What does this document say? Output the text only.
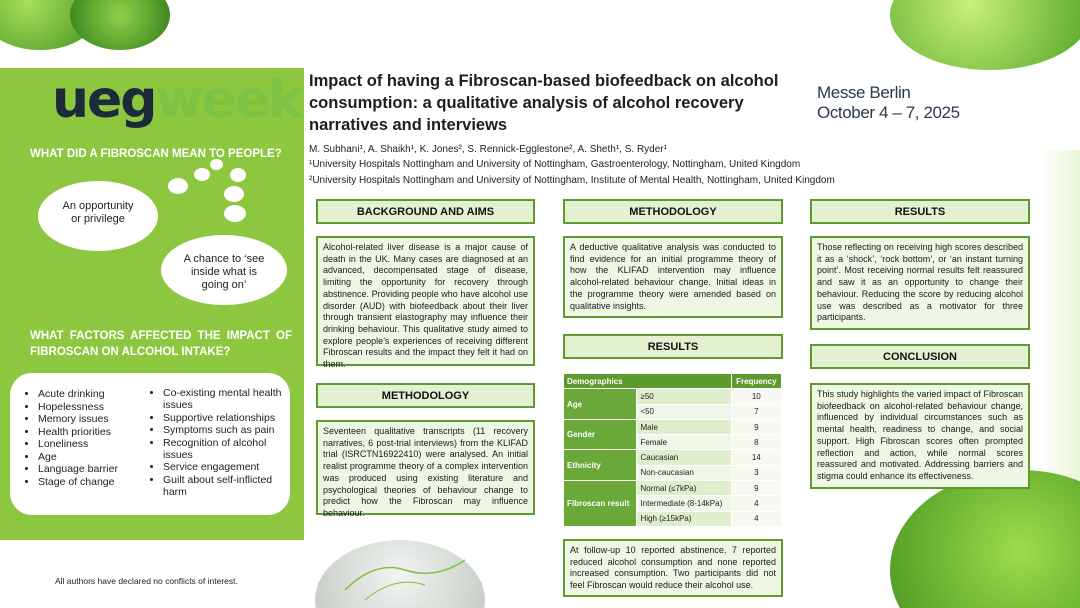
uegweek
WHAT DID A FIBROSCAN MEAN TO PEOPLE?
An opportunity or privilege
A chance to ‘see inside what is going on’
WHAT FACTORS AFFECTED THE IMPACT OF FIBROSCAN ON ALCOHOL INTAKE?
• Acute drinking
• Hopelessness
• Memory issues
• Health priorities
• Loneliness
• Age
• Language barrier
• Stage of change
• Co-existing mental health issues
• Supportive relationships
• Symptoms such as pain
• Recognition of alcohol issues
• Service engagement
• Guilt about self-inflicted harm
All authors have declared no conflicts of interest.
Impact of having a Fibroscan-based biofeedback on alcohol consumption: a qualitative analysis of alcohol recovery narratives and interviews
M. Subhani¹, A. Shaikh¹, K. Jones², S. Rennick-Egglestone², A. Sheth¹, S. Ryder¹
¹University Hospitals Nottingham and University of Nottingham, Gastroenterology, Nottingham, United Kingdom
²University Hospitals Nottingham and University of Nottingham, Institute of Mental Health, Nottingham, United Kingdom
Messe Berlin
October 4 – 7, 2025
BACKGROUND AND AIMS
Alcohol-related liver disease is a major cause of death in the UK. Many cases are diagnosed at an advanced, decompensated stage of disease, limiting the opportunity for recovery through abstinence. Providing people who have alcohol use disorder (AUD) with biofeedback about their liver through transient elastography may influence their drinking behaviour. This qualitative study aimed to explore people’s experiences of receiving different Fibroscan results and the impact they felt it had on them.
METHODOLOGY
Seventeen qualitative transcripts (11 recovery narratives, 6 post-trial interviews) from the KLIFAD trial (ISRCTN16922410) were analysed. An initial realist programme theory of a complex intervention was produced using existing literature and psychological theories of behaviour change to predict how the Fibroscan may influence behaviour.
METHODOLOGY
A deductive qualitative analysis was conducted to find evidence for an initial programme theory of how the KLIFAD intervention may influence alcohol-related behaviour change. Initial ideas in the programme theory were amended based on qualitative insights.
RESULTS
Demographics		Frequency
Age	≥50	10
	<50	7
Gender	Male	9
	Female	8
Ethnicity	Caucasian	14
	Non-caucasian	3
Fibroscan result	Normal (≤7kPa)	9
	Intermediate (8-14kPa)	4
	High (≥15kPa)	4
At follow-up 10 reported abstinence, 7 reported reduced alcohol consumption and none reported increased consumption. Two participants did not feel Fibroscan would reduce their alcohol use.
RESULTS
Those reflecting on receiving high scores described it as a ‘shock’, ‘rock bottom’, or ‘an instant turning point’. Most receiving normal results felt reassured and saw it as an opportunity to change their behaviour. Reducing the score by reducing alcohol use was described as a motivator for three participants.
CONCLUSION
This study highlights the varied impact of Fibroscan biofeedback on alcohol-related behaviour change, influenced by individual circumstances such as mental health, readiness to change, and social support. High Fibroscan scores often prompted reflection and action, while normal scores reassured and motivated. Addressing barriers and stigma could enhance its effectiveness.
